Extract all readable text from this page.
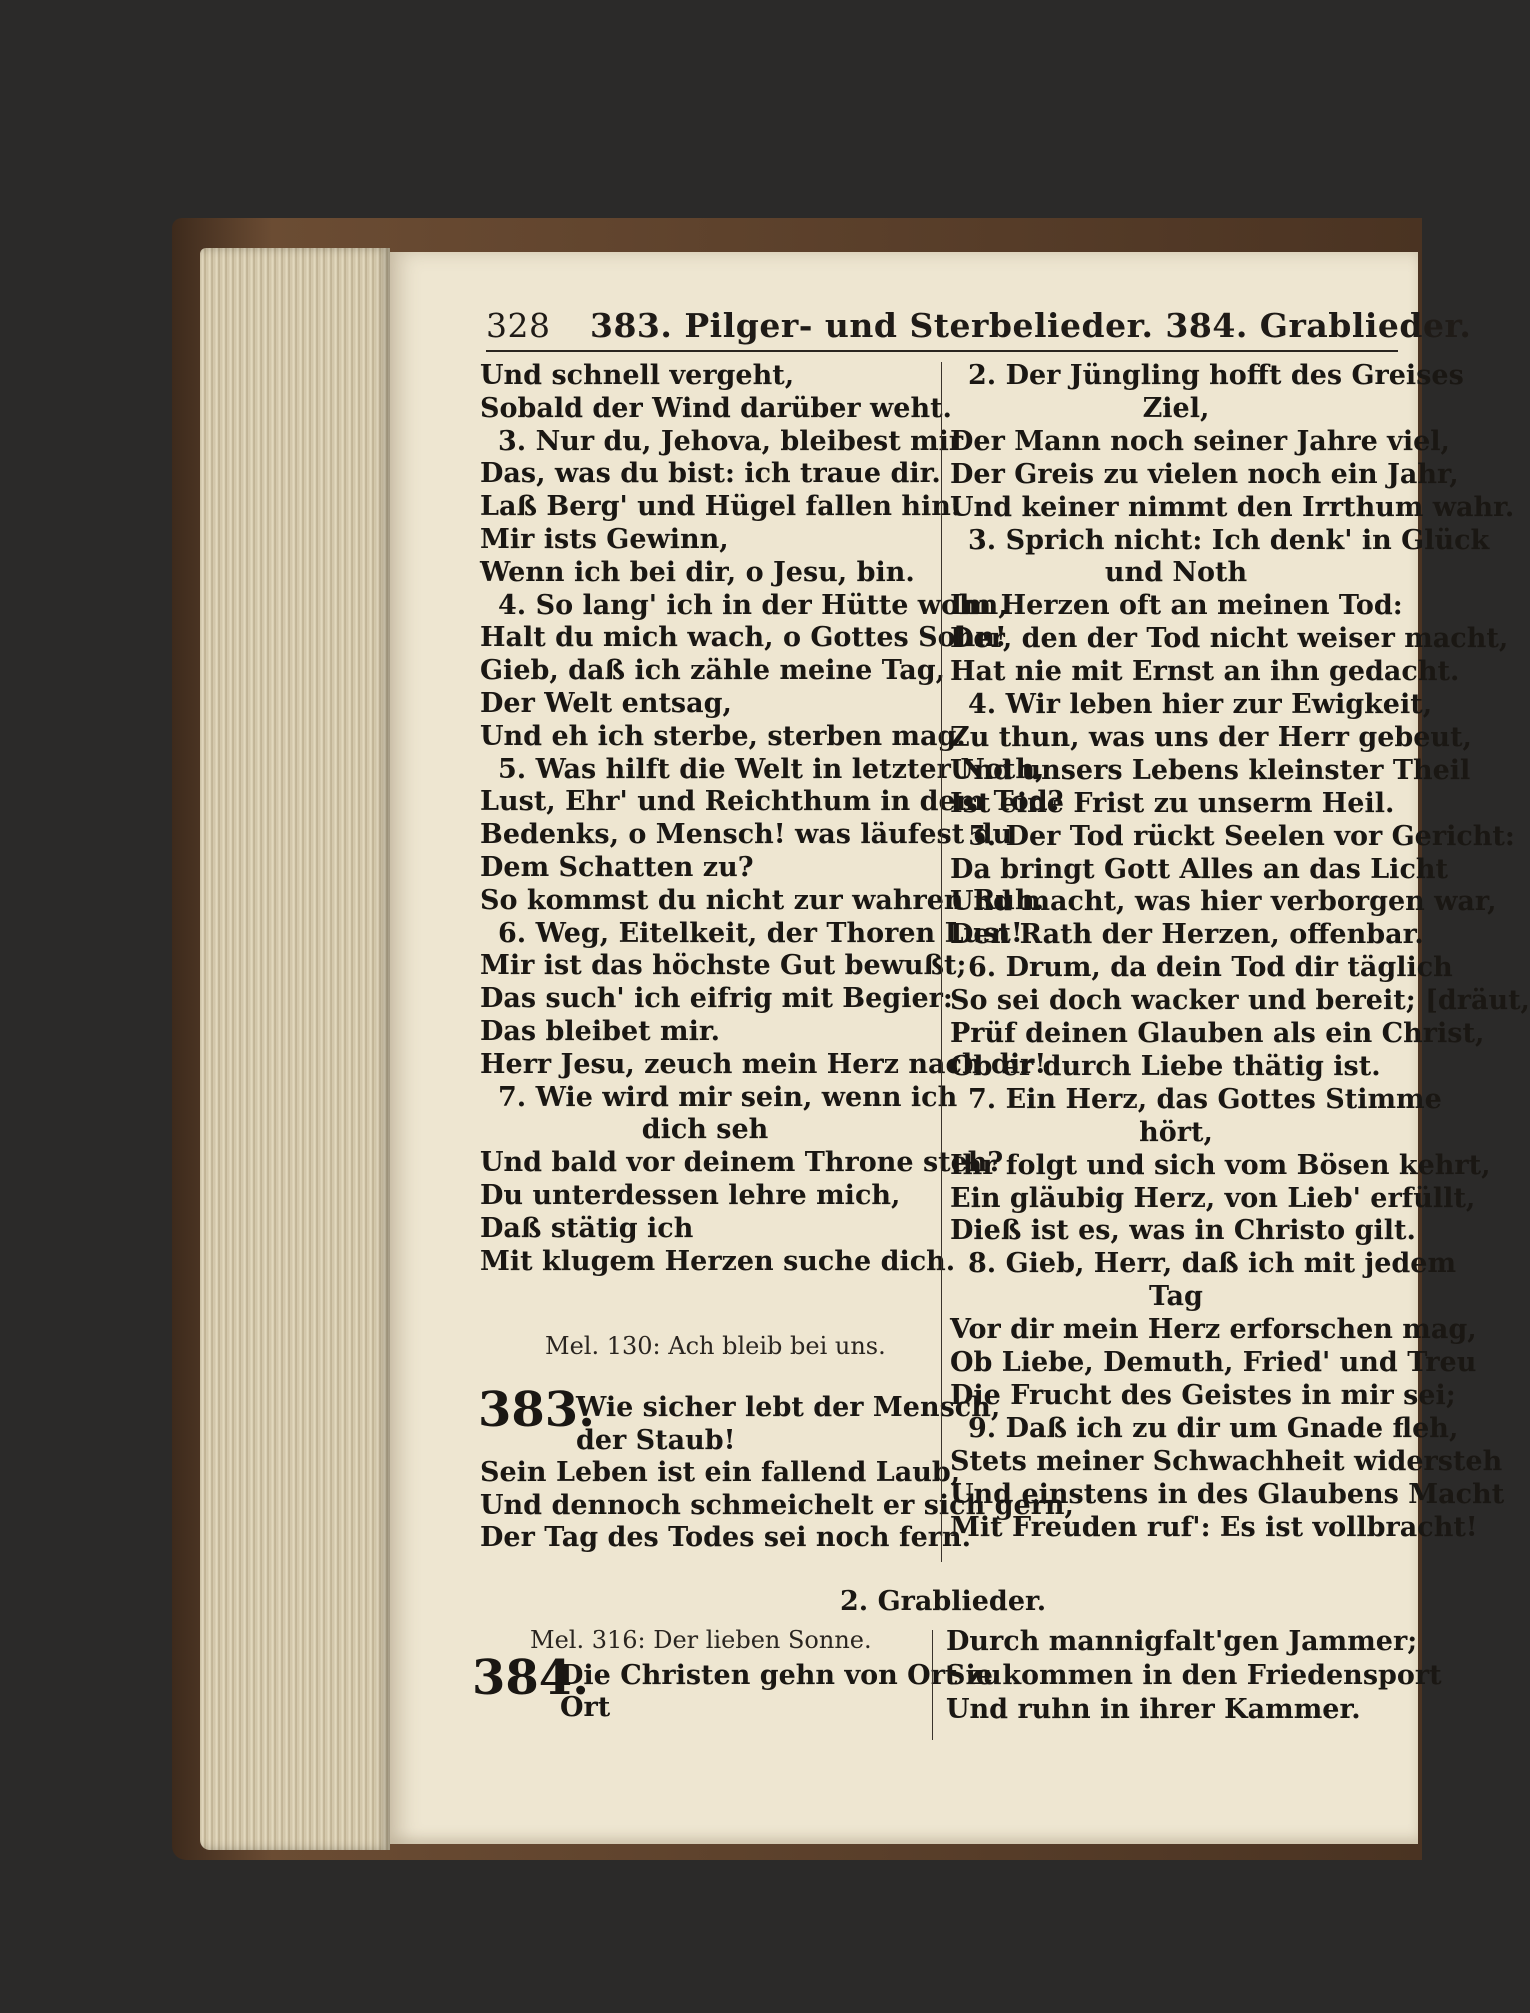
328 383. Pilger- und Sterbelieder. 384. Grablieder.
Und schnell vergeht,
Sobald der Wind darüber weht.
3. Nur du, Jehova, bleibest mir
Das, was du bist: ich traue dir.
Laß Berg' und Hügel fallen hin:
Mir ists Gewinn,
Wenn ich bei dir, o Jesu, bin.
4. So lang' ich in der Hütte wohn,
Halt du mich wach, o Gottes Sohn!
Gieb, daß ich zähle meine Tag,
Der Welt entsag,
Und eh ich sterbe, sterben mag.
5. Was hilft die Welt in letzter Noth,
Lust, Ehr' und Reichthum in dem Tod?
Bedenks, o Mensch! was läufest du
Dem Schatten zu?
So kommst du nicht zur wahren Ruh.
6. Weg, Eitelkeit, der Thoren Lust!
Mir ist das höchste Gut bewußt;
Das such' ich eifrig mit Begier:
Das bleibet mir.
Herr Jesu, zeuch mein Herz nach dir!
7. Wie wird mir sein, wenn ich
dich seh
Und bald vor deinem Throne steh?
Du unterdessen lehre mich,
Daß stätig ich
Mit klugem Herzen suche dich.
Mel. 130: Ach bleib bei uns.
383.
Wie sicher lebt der Mensch,
der Staub!
Sein Leben ist ein fallend Laub,
Und dennoch schmeichelt er sich gern,
Der Tag des Todes sei noch fern.
2. Der Jüngling hofft des Greises
Ziel,
Der Mann noch seiner Jahre viel,
Der Greis zu vielen noch ein Jahr,
Und keiner nimmt den Irrthum wahr.
3. Sprich nicht: Ich denk' in Glück
und Noth
Im Herzen oft an meinen Tod:
Der, den der Tod nicht weiser macht,
Hat nie mit Ernst an ihn gedacht.
4. Wir leben hier zur Ewigkeit,
Zu thun, was uns der Herr gebeut,
Und unsers Lebens kleinster Theil
Ist eine Frist zu unserm Heil.
5. Der Tod rückt Seelen vor Gericht:
Da bringt Gott Alles an das Licht
Und macht, was hier verborgen war,
Den Rath der Herzen, offenbar.
6. Drum, da dein Tod dir täglich
So sei doch wacker und bereit; [dräut,
Prüf deinen Glauben als ein Christ,
Ob er durch Liebe thätig ist.
7. Ein Herz, das Gottes Stimme
hört,
Ihr folgt und sich vom Bösen kehrt,
Ein gläubig Herz, von Lieb' erfüllt,
Dieß ist es, was in Christo gilt.
8. Gieb, Herr, daß ich mit jedem
Tag
Vor dir mein Herz erforschen mag,
Ob Liebe, Demuth, Fried' und Treu
Die Frucht des Geistes in mir sei;
9. Daß ich zu dir um Gnade fleh,
Stets meiner Schwachheit widersteh
Und einstens in des Glaubens Macht
Mit Freuden ruf': Es ist vollbracht!
2. Grablieder.
Mel. 316: Der lieben Sonne.
384.
Die Christen gehn von Ort zu
Ort
Durch mannigfalt'gen Jammer;
Sie kommen in den Friedensport
Und ruhn in ihrer Kammer.
